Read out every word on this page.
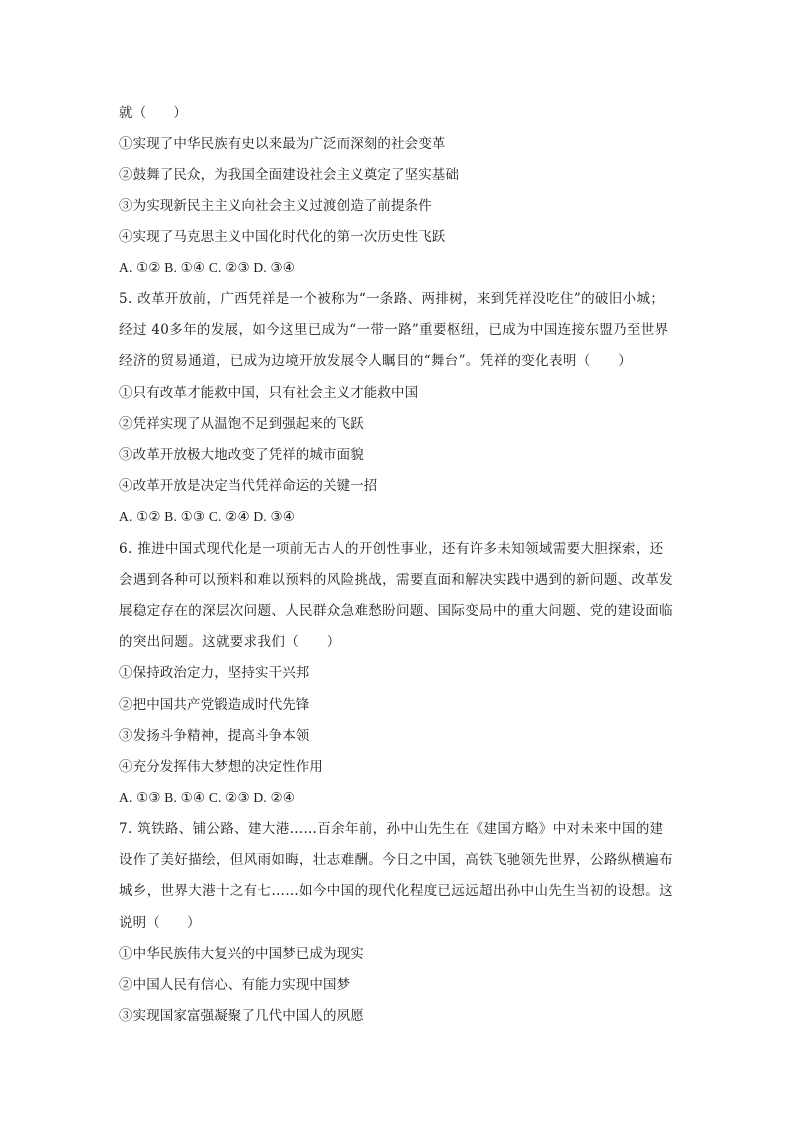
就（　　）
①实现了中华民族有史以来最为广泛而深刻的社会变革
②鼓舞了民众，为我国全面建设社会主义奠定了坚实基础
③为实现新民主主义向社会主义过渡创造了前提条件
④实现了马克思主义中国化时代化的第一次历史性飞跃
A. ①② B. ①④ C. ②③ D. ③④
5. 改革开放前，广西凭祥是一个被称为“一条路、两排树，来到凭祥没吃住”的破旧小城；
经过 40多年的发展，如今这里已成为“一带一路”重要枢纽，已成为中国连接东盟乃至世界
经济的贸易通道，已成为边境开放发展令人瞩目的“舞台”。凭祥的变化表明（　　）
①只有改革才能救中国，只有社会主义才能救中国
②凭祥实现了从温饱不足到强起来的飞跃
③改革开放极大地改变了凭祥的城市面貌
④改革开放是决定当代凭祥命运的关键一招
A. ①② B. ①③ C. ②④ D. ③④
6. 推进中国式现代化是一项前无古人的开创性事业，还有许多未知领域需要大胆探索，还
会遇到各种可以预料和难以预料的风险挑战，需要直面和解决实践中遇到的新问题、改革发
展稳定存在的深层次问题、人民群众急难愁盼问题、国际变局中的重大问题、党的建设面临
的突出问题。这就要求我们（　　）
①保持政治定力，坚持实干兴邦
②把中国共产党锻造成时代先锋
③发扬斗争精神，提高斗争本领
④充分发挥伟大梦想的决定性作用
A. ①③ B. ①④ C. ②③ D. ②④
7. 筑铁路、铺公路、建大港……百余年前，孙中山先生在《建国方略》中对未来中国的建
设作了美好描绘，但风雨如晦，壮志难酬。今日之中国，高铁飞驰领先世界，公路纵横遍布
城乡，世界大港十之有七……如今中国的现代化程度已远远超出孙中山先生当初的设想。这
说明（　　）
①中华民族伟大复兴的中国梦已成为现实
②中国人民有信心、有能力实现中国梦
③实现国家富强凝聚了几代中国人的夙愿
